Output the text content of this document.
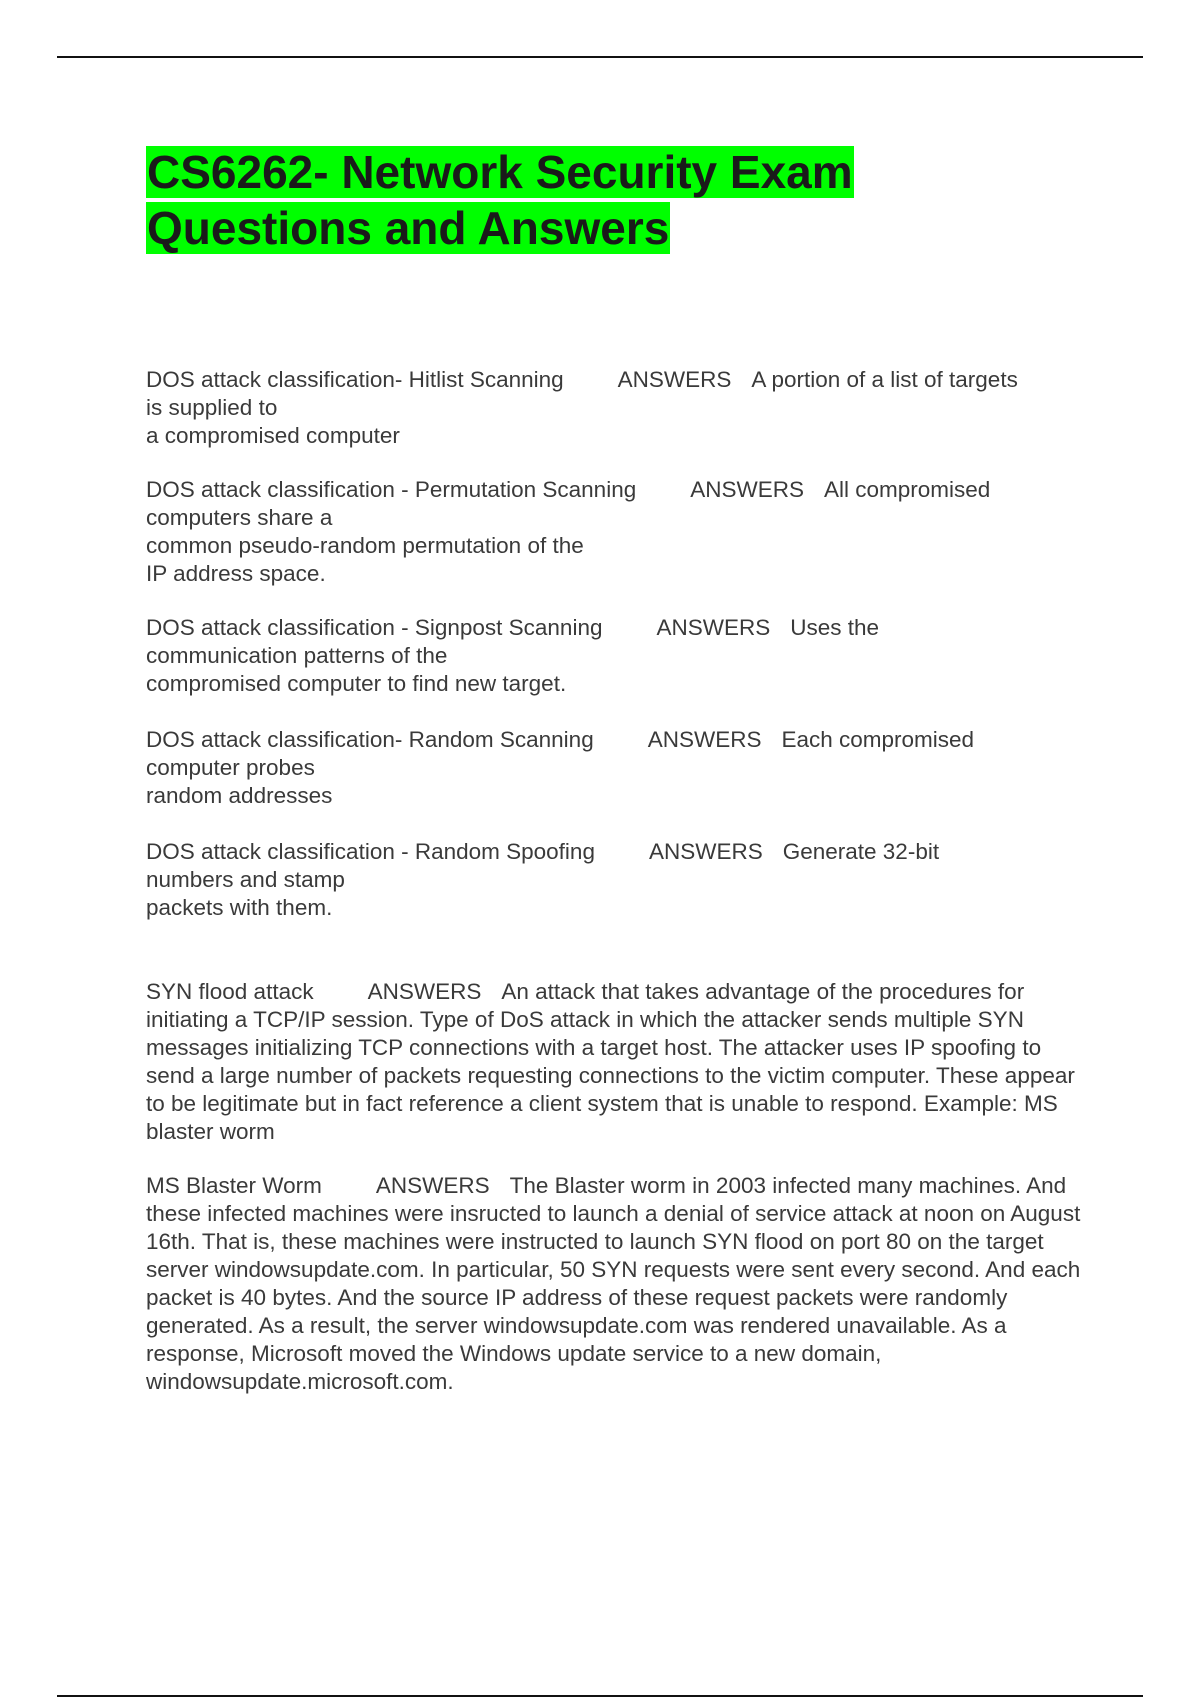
CS6262- Network Security Exam
Questions and Answers
DOS attack classification- Hitlist Scanning ANSWERS A portion of a list of targets
is supplied to
a compromised computer
DOS attack classification - Permutation Scanning ANSWERS All compromised
computers share a
common pseudo-random permutation of the
IP address space.
DOS attack classification - Signpost Scanning ANSWERS Uses the
communication patterns of the
compromised computer to find new target.
DOS attack classification- Random Scanning ANSWERS Each compromised
computer probes
random addresses
DOS attack classification - Random Spoofing ANSWERS Generate 32-bit
numbers and stamp
packets with them.
SYN flood attack ANSWERS An attack that takes advantage of the procedures for initiating a TCP/IP session. Type of DoS attack in which the attacker sends multiple SYN messages initializing TCP connections with a target host. The attacker uses IP spoofing to send a large number of packets requesting connections to the victim computer. These appear to be legitimate but in fact reference a client system that is unable to respond. Example: MS blaster worm
MS Blaster Worm ANSWERS The Blaster worm in 2003 infected many machines. And these infected machines were insructed to launch a denial of service attack at noon on August 16th. That is, these machines were instructed to launch SYN flood on port 80 on the target server windowsupdate.com. In particular, 50 SYN requests were sent every second. And each packet is 40 bytes. And the source IP address of these request packets were randomly generated. As a result, the server windowsupdate.com was rendered unavailable. As a response, Microsoft moved the Windows update service to a new domain, windowsupdate.microsoft.com.
